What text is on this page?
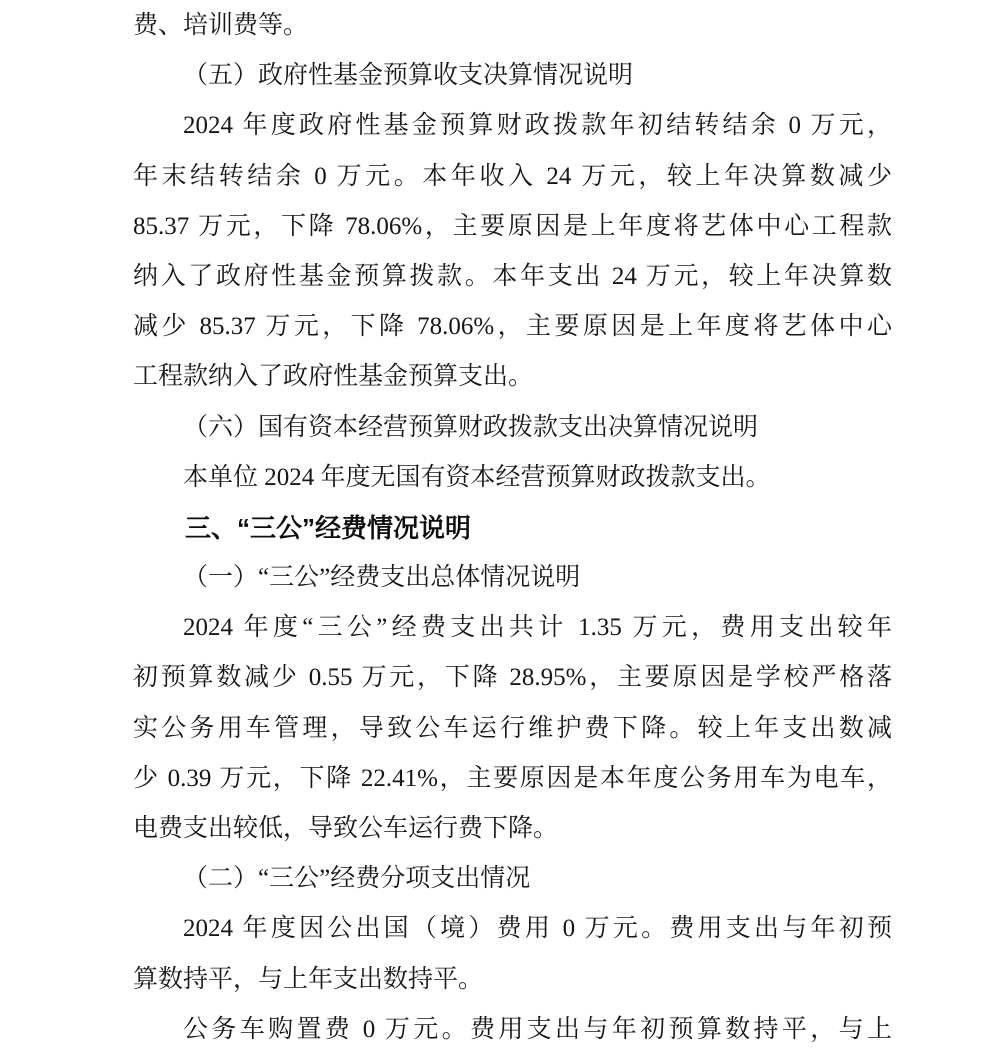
费、培训费等。
（五）政府性基金预算收支决算情况说明
2024 年度政府性基金预算财政拨款年初结转结余 0 万元，
年末结转结余 0 万元。本年收入 24 万元，较上年决算数减少
85.37 万元，下降 78.06%，主要原因是上年度将艺体中心工程款
纳入了政府性基金预算拨款。本年支出 24 万元，较上年决算数
减少 85.37 万元，下降 78.06%，主要原因是上年度将艺体中心
工程款纳入了政府性基金预算支出。
（六）国有资本经营预算财政拨款支出决算情况说明
本单位 2024 年度无国有资本经营预算财政拨款支出。
三、“三公”经费情况说明
（一）“三公”经费支出总体情况说明
2024 年度“三公”经费支出共计 1.35 万元，费用支出较年
初预算数减少 0.55 万元，下降 28.95%，主要原因是学校严格落
实公务用车管理，导致公车运行维护费下降。较上年支出数减
少 0.39 万元，下降 22.41%，主要原因是本年度公务用车为电车，
电费支出较低，导致公车运行费下降。
（二）“三公”经费分项支出情况
2024 年度因公出国（境）费用 0 万元。费用支出与年初预
算数持平，与上年支出数持平。
公务车购置费 0 万元。费用支出与年初预算数持平，与上
